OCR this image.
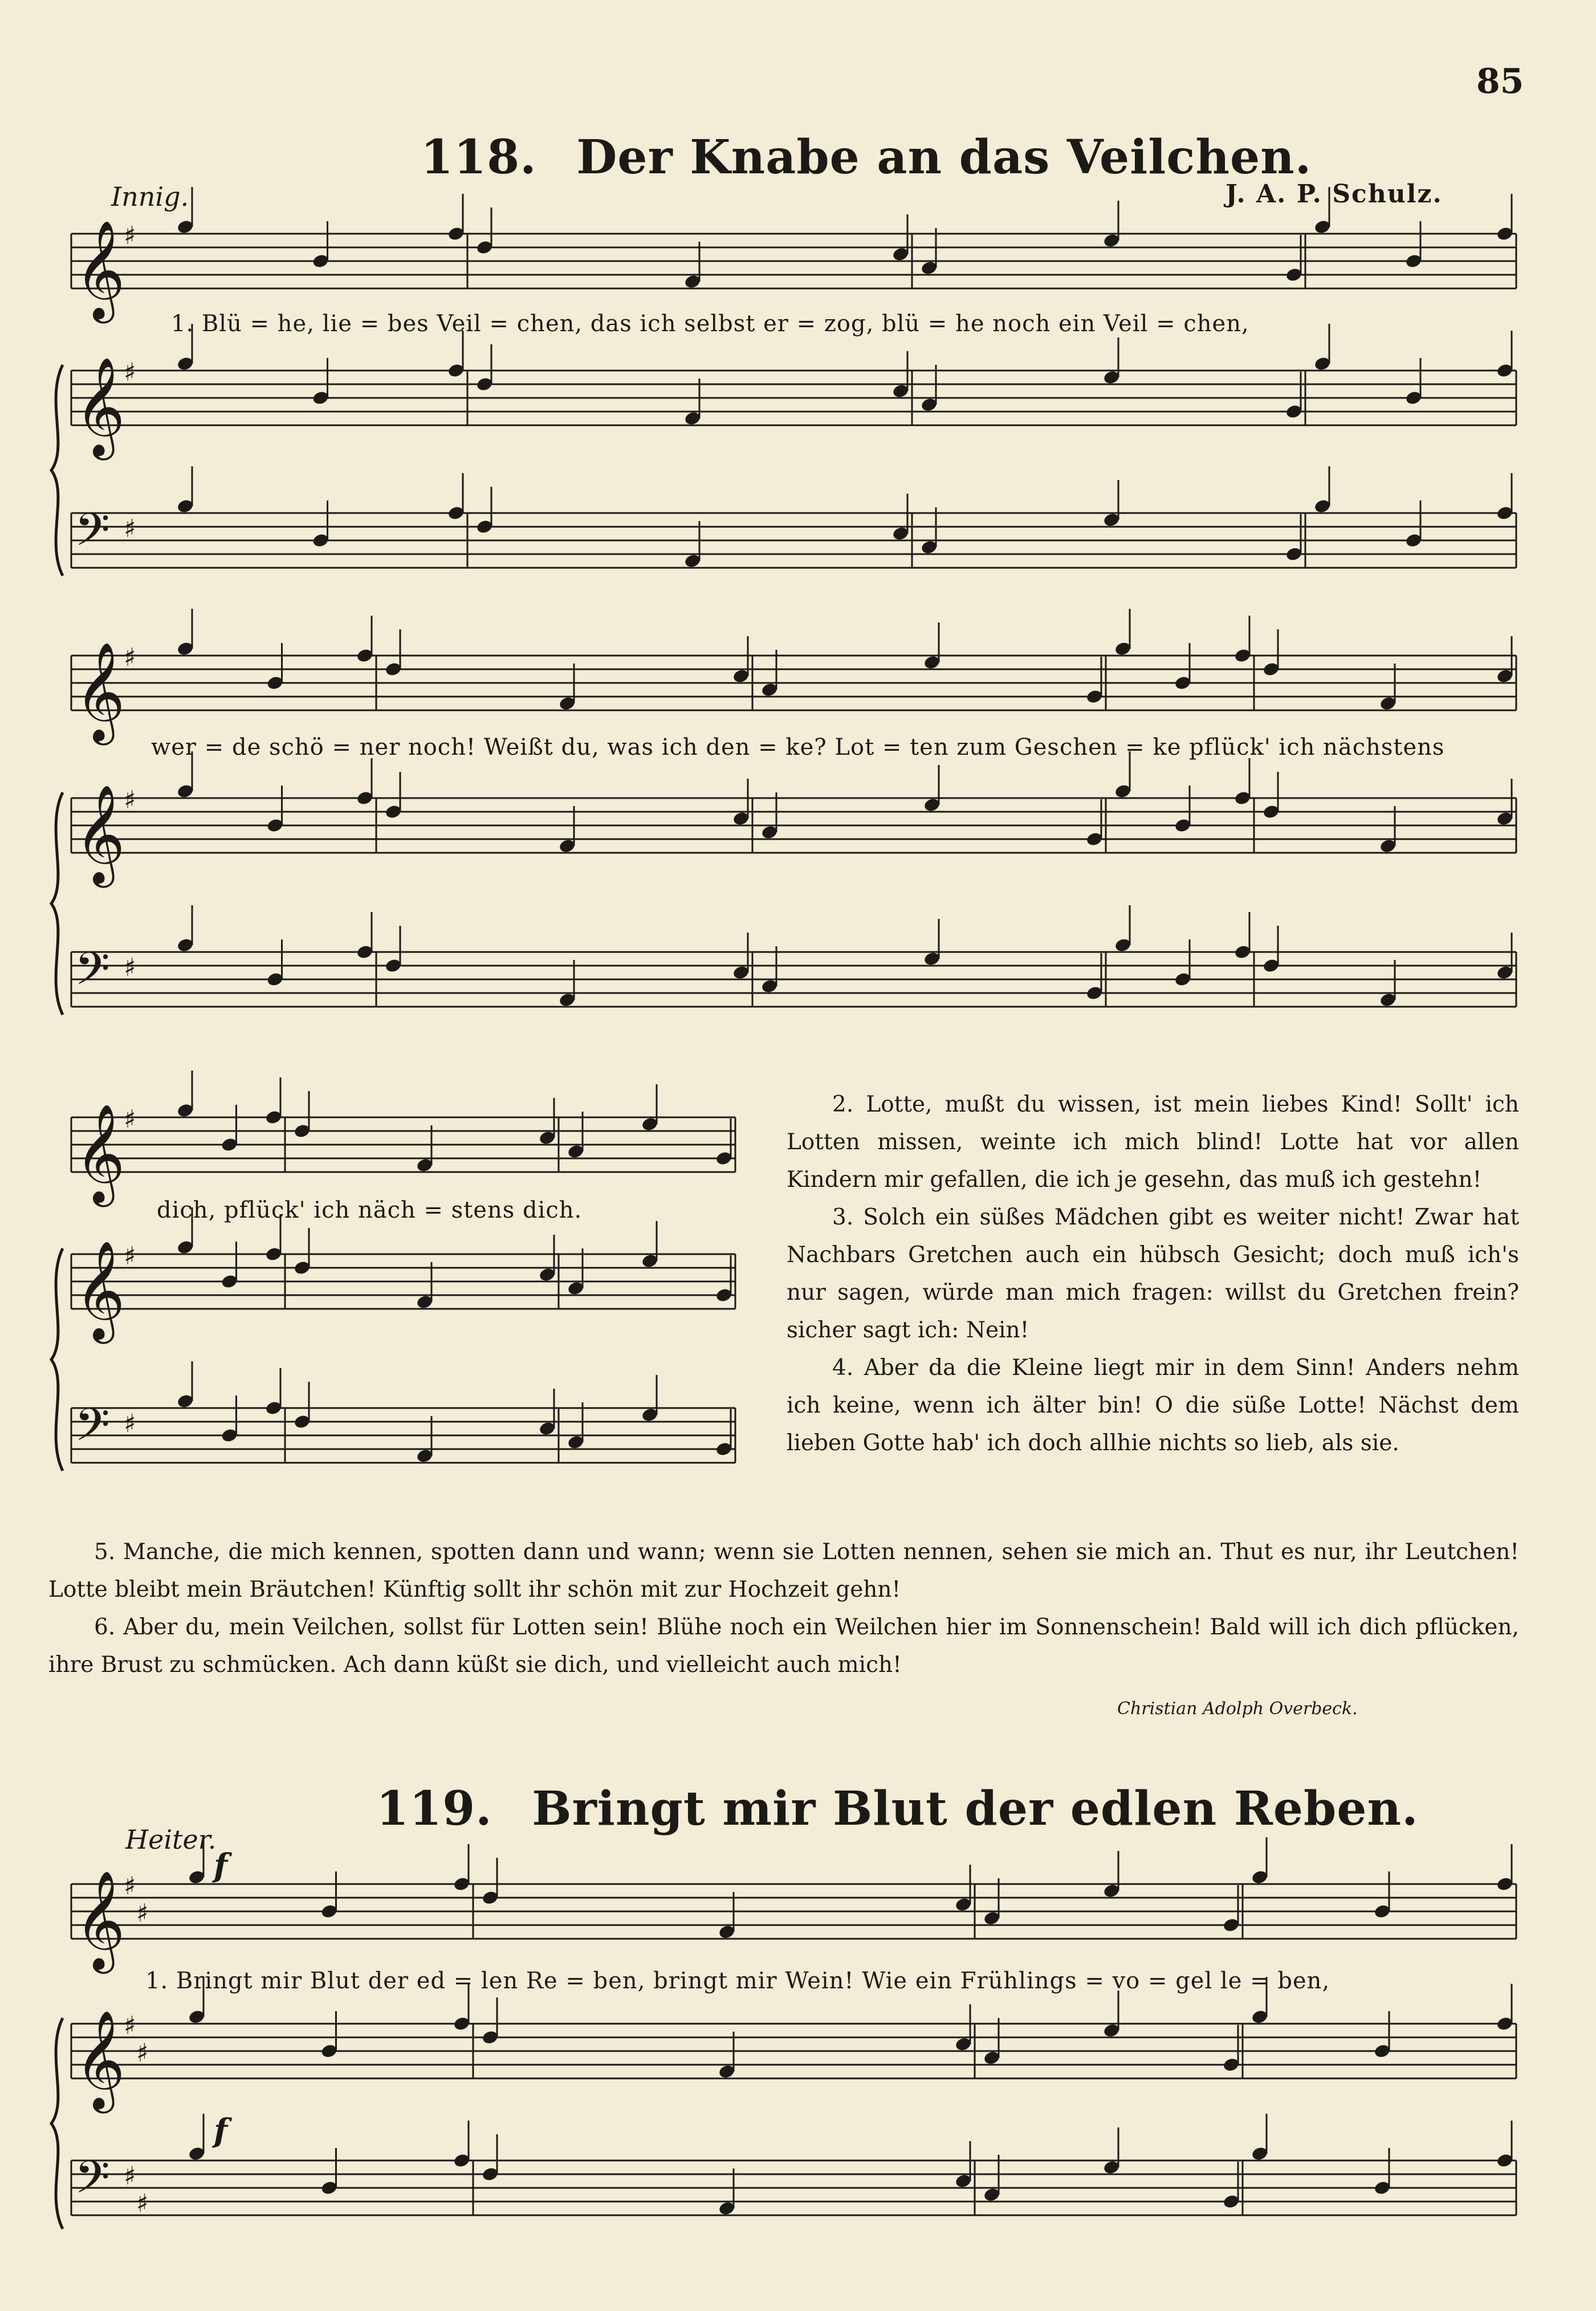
85
118. Der Knabe an das Veilchen.
Innig.	J. A. P. Schulz.
1. Blü = he, lie = bes Veil = chen, das ich selbst er = zog, blü = he noch ein Veil = chen,
wer = de schö = ner noch! Weißt du, was ich den = ke? Lot = ten zum Geschen = ke pflück' ich nächstens
dich, pflück' ich näch = stens dich.

2. Lotte, mußt du wissen, ist mein liebes Kind! Sollt' ich Lotten missen, weinte ich mich blind! Lotte hat vor allen Kindern mir gefallen, die ich je gesehn, das muß ich gestehn!

3. Solch ein süßes Mädchen gibt es weiter nicht! Zwar hat Nachbars Gretchen auch ein hübsch Gesicht; doch muß ich's nur sagen, würde man mich fragen: willst du Gretchen frein? sicher sagt ich: Nein!

4. Aber da die Kleine liegt mir in dem Sinn! Anders nehm ich keine, wenn ich älter bin! O die süße Lotte! Nächst dem lieben Gotte hab' ich doch allhie nichts so lieb, als sie.

5. Manche, die mich kennen, spotten dann und wann; wenn sie Lotten nennen, sehen sie mich an. Thut es nur, ihr Leutchen! Lotte bleibt mein Bräutchen! Künftig sollt ihr schön mit zur Hochzeit gehn!

6. Aber du, mein Veilchen, sollst für Lotten sein! Blühe noch ein Weilchen hier im Sonnenschein! Bald will ich dich pflücken, ihre Brust zu schmücken. Ach dann küßt sie dich, und vielleicht auch mich!

Christian Adolph Overbeck.
119. Bringt mir Blut der edlen Reben.
Heiter.
f
f
1. Bringt mir Blut der ed = len Re = ben, bringt mir Wein! Wie ein Frühlings = vo = gel le = ben,
𝄞
♯
𝄞
♯
𝄢 ♯
𝄞
♯
𝄞
♯
𝄢 ♯
𝄞
♯
𝄞
♯
𝄢 ♯
𝄞
♯
♯
𝄞
♯
♯
𝄢 ♯
♯
